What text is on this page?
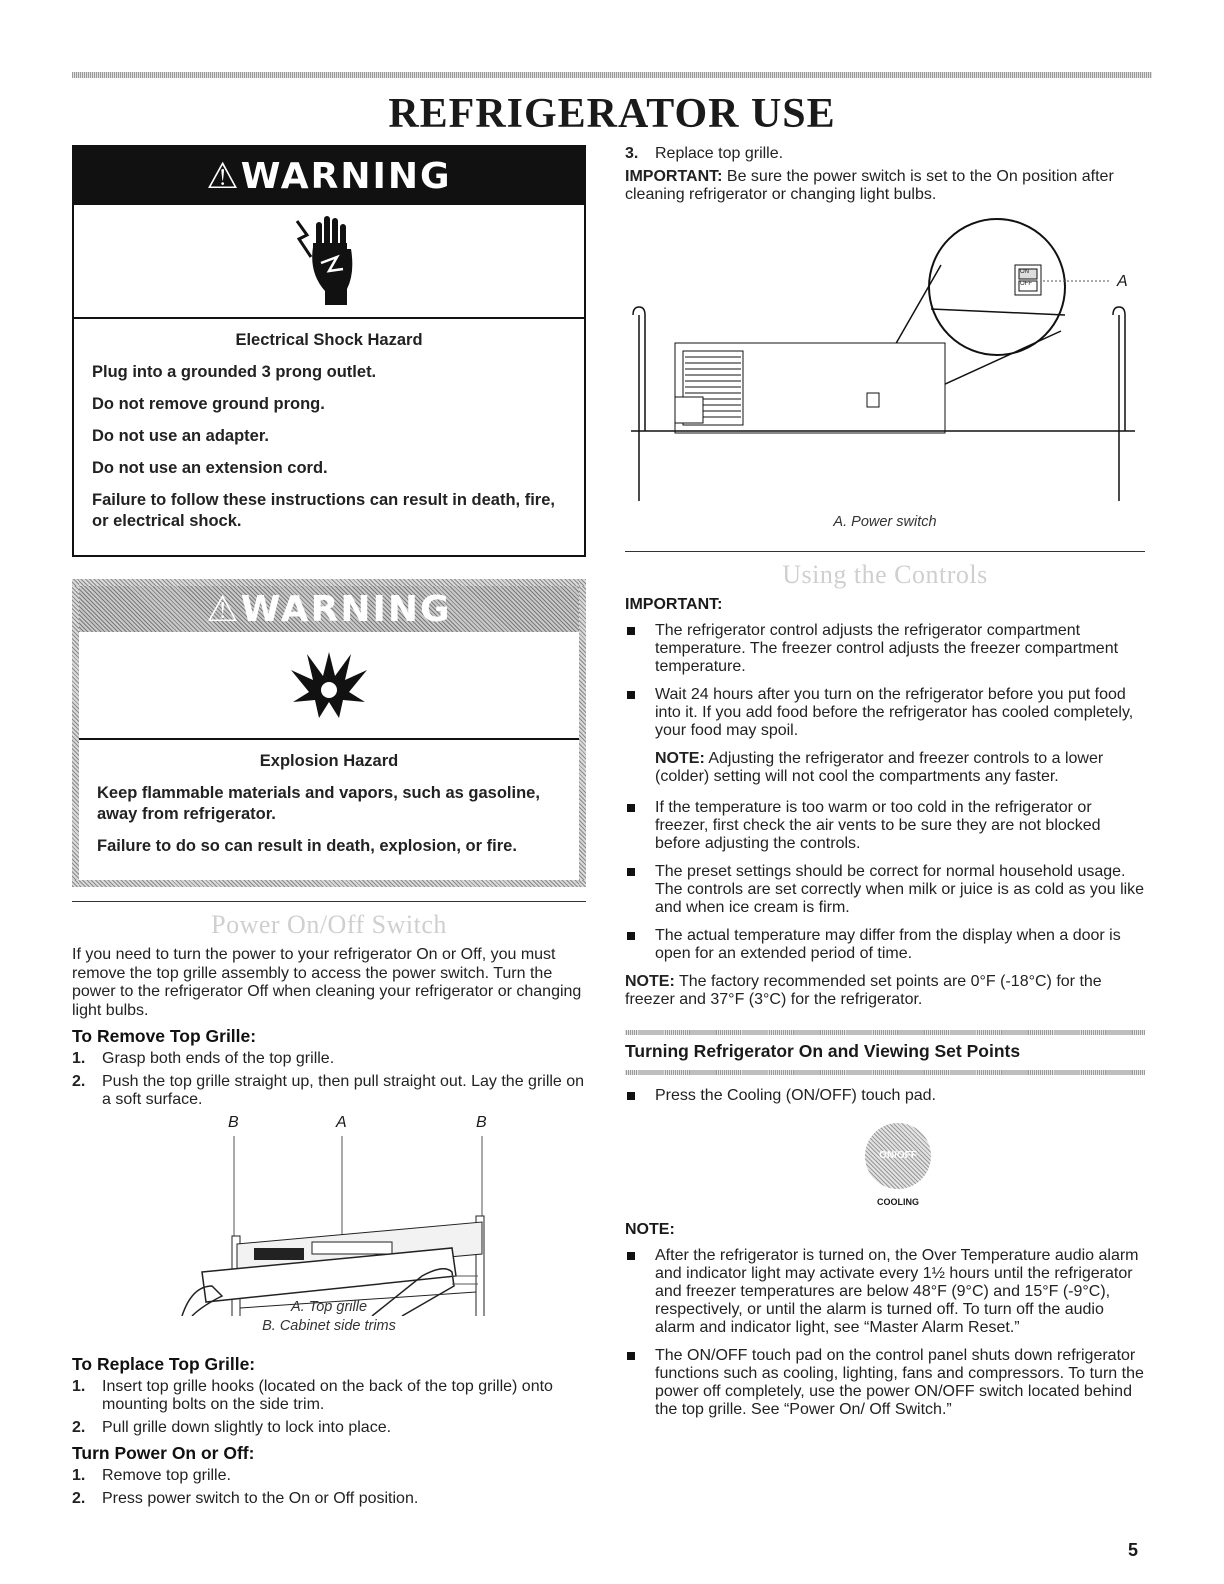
REFRIGERATOR USE
⚠WARNING
Electrical Shock Hazard

Plug into a grounded 3 prong outlet.

Do not remove ground prong.

Do not use an adapter.

Do not use an extension cord.

Failure to follow these instructions can result in death, fire, or electrical shock.

⚠WARNING
Explosion Hazard

Keep flammable materials and vapors, such as gasoline, away from refrigerator.

Failure to do so can result in death, explosion, or fire.

Power On/Off Switch

If you need to turn the power to your refrigerator On or Off, you must remove the top grille assembly to access the power switch. Turn the power to the refrigerator Off when cleaning your refrigerator or changing light bulbs.

To Remove Top Grille:
1. Grasp both ends of the top grille.
2. Push the top grille straight up, then pull straight out. Lay the grille on a soft surface.
B	A	B
A. Top grille
B. Cabinet side trims
To Replace Top Grille:
1. Insert top grille hooks (located on the back of the top grille) onto mounting bolts on the side trim.
2. Pull grille down slightly to lock into place.
Turn Power On or Off:
1. Remove top grille.
2. Press power switch to the On or Off position.
3. Replace top grille.

IMPORTANT: Be sure the power switch is set to the On position after cleaning refrigerator or changing light bulbs.

ON
OFF	A
A. Power switch
Using the Controls
IMPORTANT:
The refrigerator control adjusts the refrigerator compartment temperature. The freezer control adjusts the freezer compartment temperature.
Wait 24 hours after you turn on the refrigerator before you put food into it. If you add food before the refrigerator has cooled completely, your food may spoil.

NOTE: Adjusting the refrigerator and freezer controls to a lower (colder) setting will not cool the compartments any faster.

If the temperature is too warm or too cold in the refrigerator or freezer, first check the air vents to be sure they are not blocked before adjusting the controls.
The preset settings should be correct for normal household usage. The controls are set correctly when milk or juice is as cold as you like and when ice cream is firm.
The actual temperature may differ from the display when a door is open for an extended period of time.

NOTE: The factory recommended set points are 0°F (-18°C) for the freezer and 37°F (3°C) for the refrigerator.

Turning Refrigerator On and Viewing Set Points
Press the Cooling (ON/OFF) touch pad.
ON/OFF
COOLING
NOTE:
After the refrigerator is turned on, the Over Temperature audio alarm and indicator light may activate every 1½ hours until the refrigerator and freezer temperatures are below 48°F (9°C) and 15°F (-9°C), respectively, or until the alarm is turned off. To turn off the audio alarm and indicator light, see “Master Alarm Reset.”
The ON/OFF touch pad on the control panel shuts down refrigerator functions such as cooling, lighting, fans and compressors. To turn the power off completely, use the power ON/OFF switch located behind the top grille. See “Power On/ Off Switch.”
5
